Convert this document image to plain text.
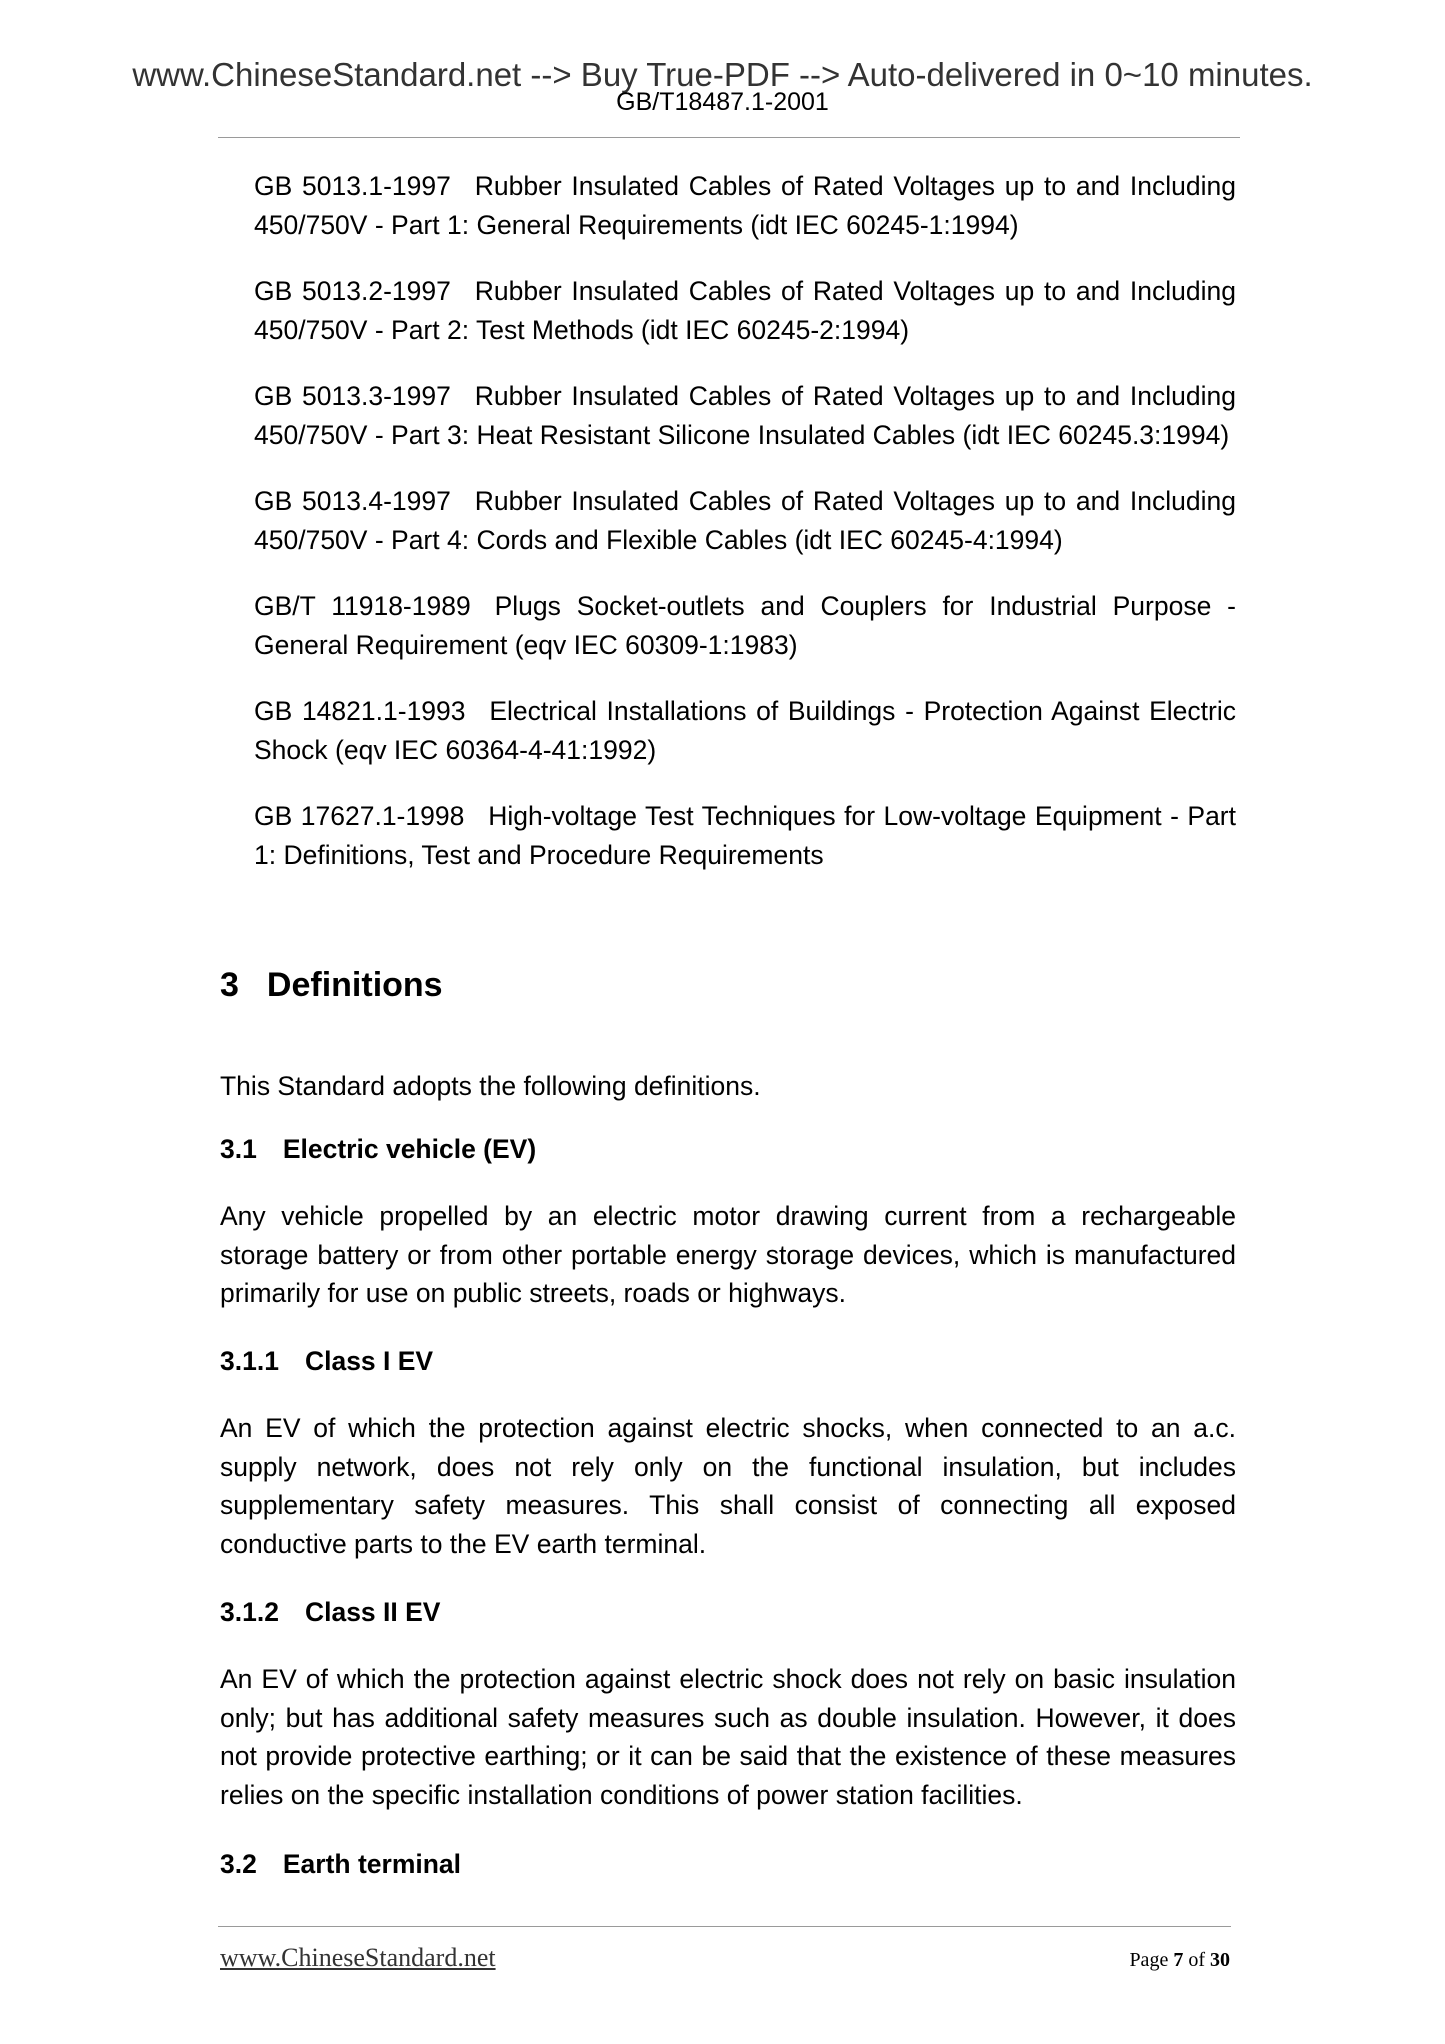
www.ChineseStandard.net --> Buy True-PDF --> Auto-delivered in 0~10 minutes.
GB/T18487.1-2001

GB 5013.1-1997 Rubber Insulated Cables of Rated Voltages up to and Including 450/750V - Part 1: General Requirements (idt IEC 60245-1:1994)

GB 5013.2-1997 Rubber Insulated Cables of Rated Voltages up to and Including 450/750V - Part 2: Test Methods (idt IEC 60245-2:1994)

GB 5013.3-1997 Rubber Insulated Cables of Rated Voltages up to and Including 450/750V - Part 3: Heat Resistant Silicone Insulated Cables (idt IEC 60245.3:1994)

GB 5013.4-1997 Rubber Insulated Cables of Rated Voltages up to and Including 450/750V - Part 4: Cords and Flexible Cables (idt IEC 60245-4:1994)

GB/T 11918-1989 Plugs Socket-outlets and Couplers for Industrial Purpose - General Requirement (eqv IEC 60309-1:1983)

GB 14821.1-1993 Electrical Installations of Buildings - Protection Against Electric Shock (eqv IEC 60364-4-41:1992)

GB 17627.1-1998 High-voltage Test Techniques for Low-voltage Equipment - Part 1: Definitions, Test and Procedure Requirements

3 Definitions

This Standard adopts the following definitions.

3.1 Electric vehicle (EV)

Any vehicle propelled by an electric motor drawing current from a rechargeable storage battery or from other portable energy storage devices, which is manufactured primarily for use on public streets, roads or highways.

3.1.1 Class I EV

An EV of which the protection against electric shocks, when connected to an a.c. supply network, does not rely only on the functional insulation, but includes supplementary safety measures. This shall consist of connecting all exposed conductive parts to the EV earth terminal.

3.1.2 Class II EV

An EV of which the protection against electric shock does not rely on basic insulation only; but has additional safety measures such as double insulation. However, it does not provide protective earthing; or it can be said that the existence of these measures relies on the specific installation conditions of power station facilities.

3.2 Earth terminal
www.ChineseStandard.net	Page 7 of 30
